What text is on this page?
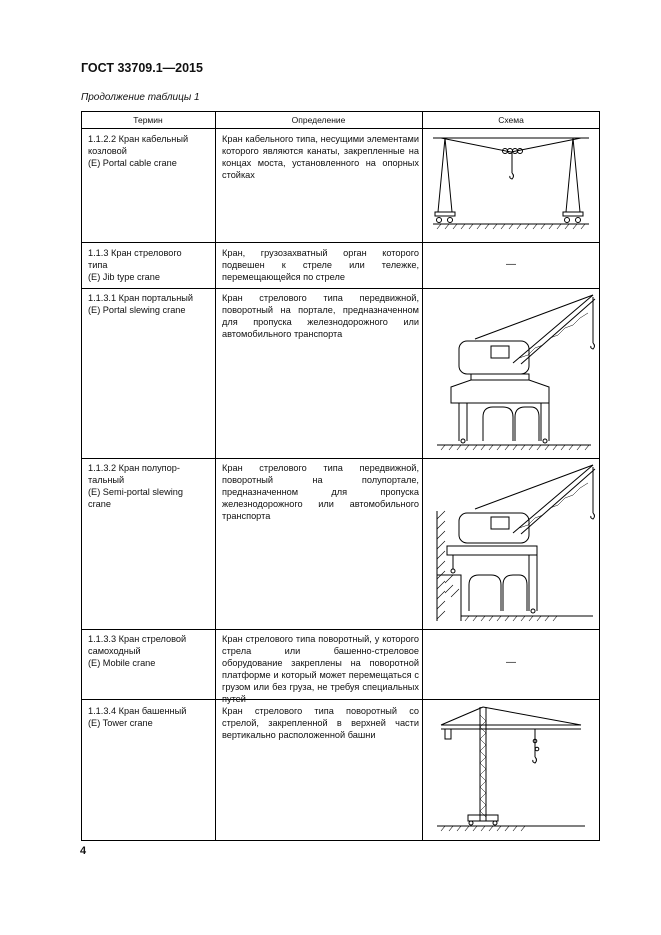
ГОСТ 33709.1—2015
Продолжение таблицы 1
Термин	Определение	Схема
1.1.2.2 Кран кабельный
козловой
(E) Portal cable crane
Кран кабельного типа, несущими элементами которого являются канаты, закрепленные на концах моста, установленного на опорных стойках
1.1.3 Кран стрелового
типа
(E) Jib type crane
Кран, грузозахватный орган которого подвешен к стреле или тележке, перемещающейся по стреле
—
1.1.3.1 Кран портальный
(E) Portal slewing crane
Кран стрелового типа передвижной, поворотный на портале, предназначенном для пропуска железнодорожного или автомобильного транспорта
1.1.3.2 Кран полупор-
тальный
(E) Semi-portal slewing
crane
Кран стрелового типа передвижной, поворотный на полупортале, предназначенном для пропуска железнодорожного или автомобильного транспорта
1.1.3.3 Кран стреловой
самоходный
(E) Mobile crane
Кран стрелового типа поворотный, у которого стрела или башенно-стреловое оборудование закреплены на поворотной платформе и который может перемещаться с грузом или без груза, не требуя специальных путей
—
1.1.3.4 Кран башенный
(E) Tower crane
Кран стрелового типа поворотный со стрелой, закрепленной в верхней части вертикально расположенной башни
4
